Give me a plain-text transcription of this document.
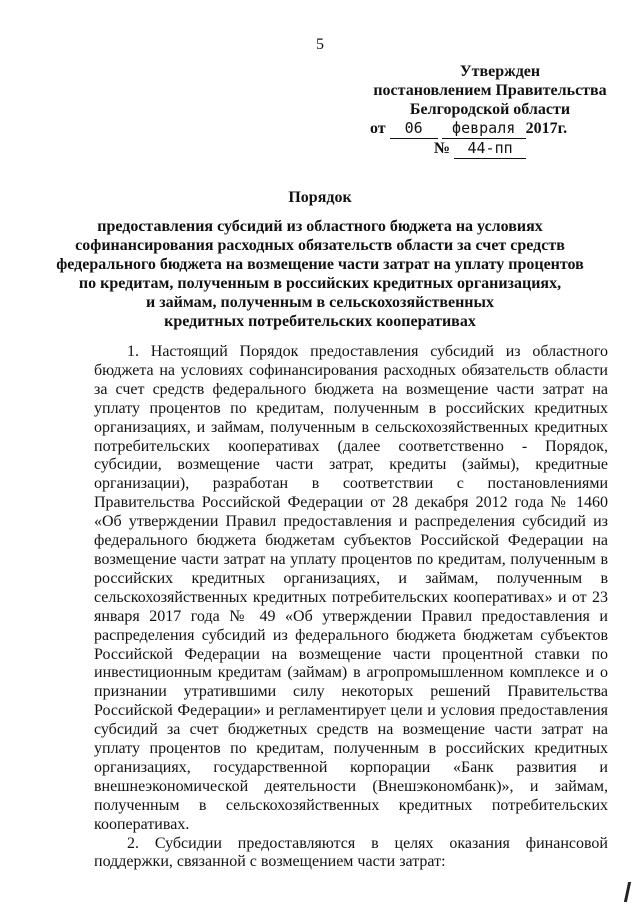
5
Утвержден
постановлением Правительства
Белгородской области
от 06 февраля 2017г.
№ 44-пп
Порядок
предоставления субсидий из областного бюджета на условиях
софинансирования расходных обязательств области за счет средств
федерального бюджета на возмещение части затрат на уплату процентов
по кредитам, полученным в российских кредитных организациях,
и займам, полученным в сельскохозяйственных
кредитных потребительских кооперативах

1. Настоящий Порядок предоставления субсидий из областного бюджета на условиях софинансирования расходных обязательств области за счет средств федерального бюджета на возмещение части затрат на уплату процентов по кредитам, полученным в российских кредитных организациях, и займам, полученным в сельскохозяйственных кредитных потребительских кооперативах (далее соответственно - Порядок, субсидии, возмещение части затрат, кредиты (займы), кредитные организации), разработан в соответствии с постановлениями Правительства Российской Федерации от 28 декабря 2012 года № 1460 «Об утверждении Правил предоставления и распределения субсидий из федерального бюджета бюджетам субъектов Российской Федерации на возмещение части затрат на уплату процентов по кредитам, полученным в российских кредитных организациях, и займам, полученным в сельскохозяйственных кредитных потребительских кооперативах» и от 23 января 2017 года № 49 «Об утверждении Правил предоставления и распределения субсидий из федерального бюджета бюджетам субъектов Российской Федерации на возмещение части процентной ставки по инвестиционным кредитам (займам) в агропромышленном комплексе и о признании утратившими силу некоторых решений Правительства Российской Федерации» и регламентирует цели и условия предоставления субсидий за счет бюджетных средств на возмещение части затрат на уплату процентов по кредитам, полученным в российских кредитных организациях, государственной корпорации «Банк развития и внешнеэкономической деятельности (Внешэкономбанк)», и займам, полученным в сельскохозяйственных кредитных потребительских кооперативах.

2. Субсидии предоставляются в целях оказания финансовой поддержки, связанной с возмещением части затрат:
